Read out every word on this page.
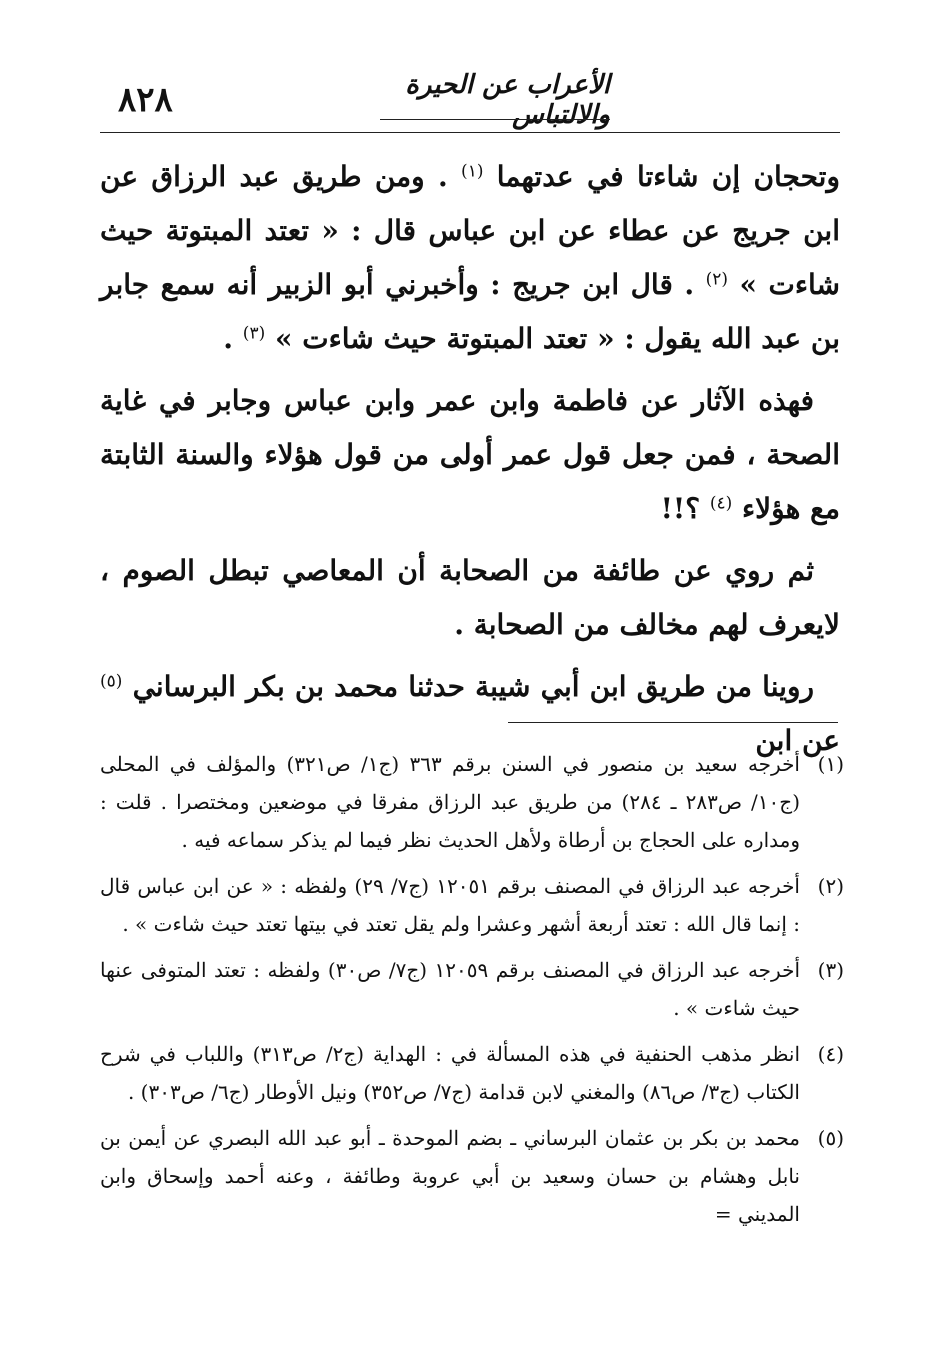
٨٢٨	الأعراب عن الحيرة والالتباس

وتحجان إن شاءتا في عدتهما $^{(١)}$ . ومن طريق عبد الرزاق عن ابن جريج عن عطاء عن ابن عباس قال : « تعتد المبتوتة حيث شاءت » $^{(٢)}$ . قال ابن جريج : وأخبرني أبو الزبير أنه سمع جابر بن عبد الله يقول : « تعتد المبتوتة حيث شاءت » $^{(٣)}$ .

فهذه الآثار عن فاطمة وابن عمر وابن عباس وجابر في غاية الصحة ، فمن جعل قول عمر أولى من قول هؤلاء والسنة الثابتة مع هؤلاء $^{(٤)}$ ؟!!

ثم روي عن طائفة من الصحابة أن المعاصي تبطل الصوم ، لايعرف لهم مخالف من الصحابة .

روينا من طريق ابن أبي شيبة حدثنا محمد بن بكر البرساني $^{(٥)}$ عن ابن

(١)
أخرجه سعيد بن منصور في السنن برقم ٣٦٣ (ج١/ ص٣٢١) والمؤلف في المحلى (ج١٠/ ص٢٨٣ ـ ٢٨٤) من طريق عبد الرزاق مفرقا في موضعين ومختصرا . قلت : ومداره على الحجاج بن أرطاة ولأهل الحديث نظر فيما لم يذكر سماعه فيه .
(٢)
أخرجه عبد الرزاق في المصنف برقم ١٢٠٥١ (ج٧/ ٢٩) ولفظه : « عن ابن عباس قال : إنما قال الله : تعتد أربعة أشهر وعشرا ولم يقل تعتد في بيتها تعتد حيث شاءت » .
(٣)
أخرجه عبد الرزاق في المصنف برقم ١٢٠٥٩ (ج٧/ ص٣٠) ولفظه : تعتد المتوفى عنها حيث شاءت » .
(٤)
انظر مذهب الحنفية في هذه المسألة في : الهداية (ج٢/ ص٣١٣) واللباب في شرح الكتاب (ج٣/ ص٨٦) والمغني لابن قدامة (ج٧/ ص٣٥٢) ونيل الأوطار (ج٦/ ص٣٠٣) .
(٥)
محمد بن بكر بن عثمان البرساني ـ بضم الموحدة ـ أبو عبد الله البصري عن أيمن بن نابل وهشام بن حسان وسعيد بن أبي عروبة وطائفة ، وعنه أحمد وإسحاق وابن المديني =
